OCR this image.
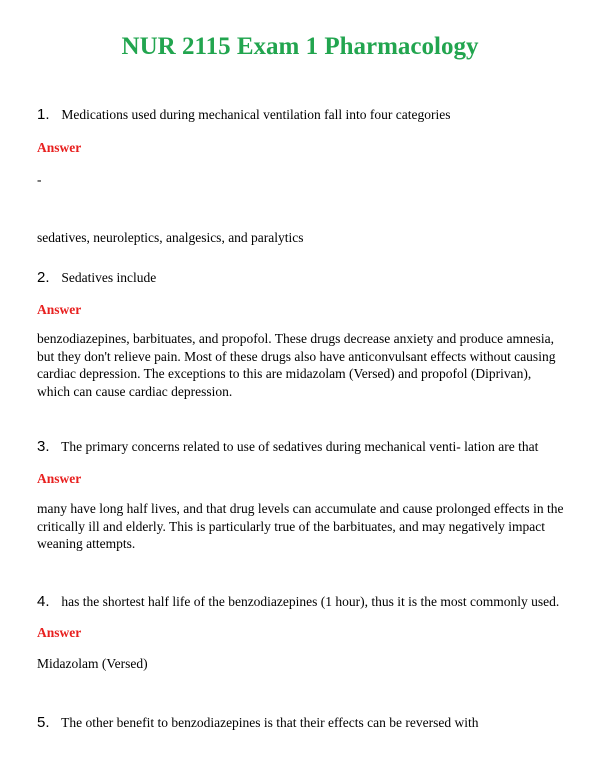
NUR 2115 Exam 1 Pharmacology
1. Medications used during mechanical ventilation fall into four categories
Answer
-
sedatives, neuroleptics, analgesics, and paralytics
2. Sedatives include
Answer
benzodiazepines, barbituates, and propofol. These drugs decrease anxiety and produce amnesia, but they don't relieve pain. Most of these drugs also have anticonvulsant effects without causing cardiac depression. The exceptions to this are midazolam (Versed) and propofol (Diprivan), which can cause cardiac depression.
3. The primary concerns related to use of sedatives during mechanical venti- lation are that
Answer
many have long half lives, and that drug levels can accumulate and cause prolonged effects in the critically ill and elderly. This is particularly true of the barbituates, and may negatively impact weaning attempts.
4. has the shortest half life of the benzodiazepines (1 hour), thus it is the most commonly used.
Answer
Midazolam (Versed)
5. The other benefit to benzodiazepines is that their effects can be reversed with
